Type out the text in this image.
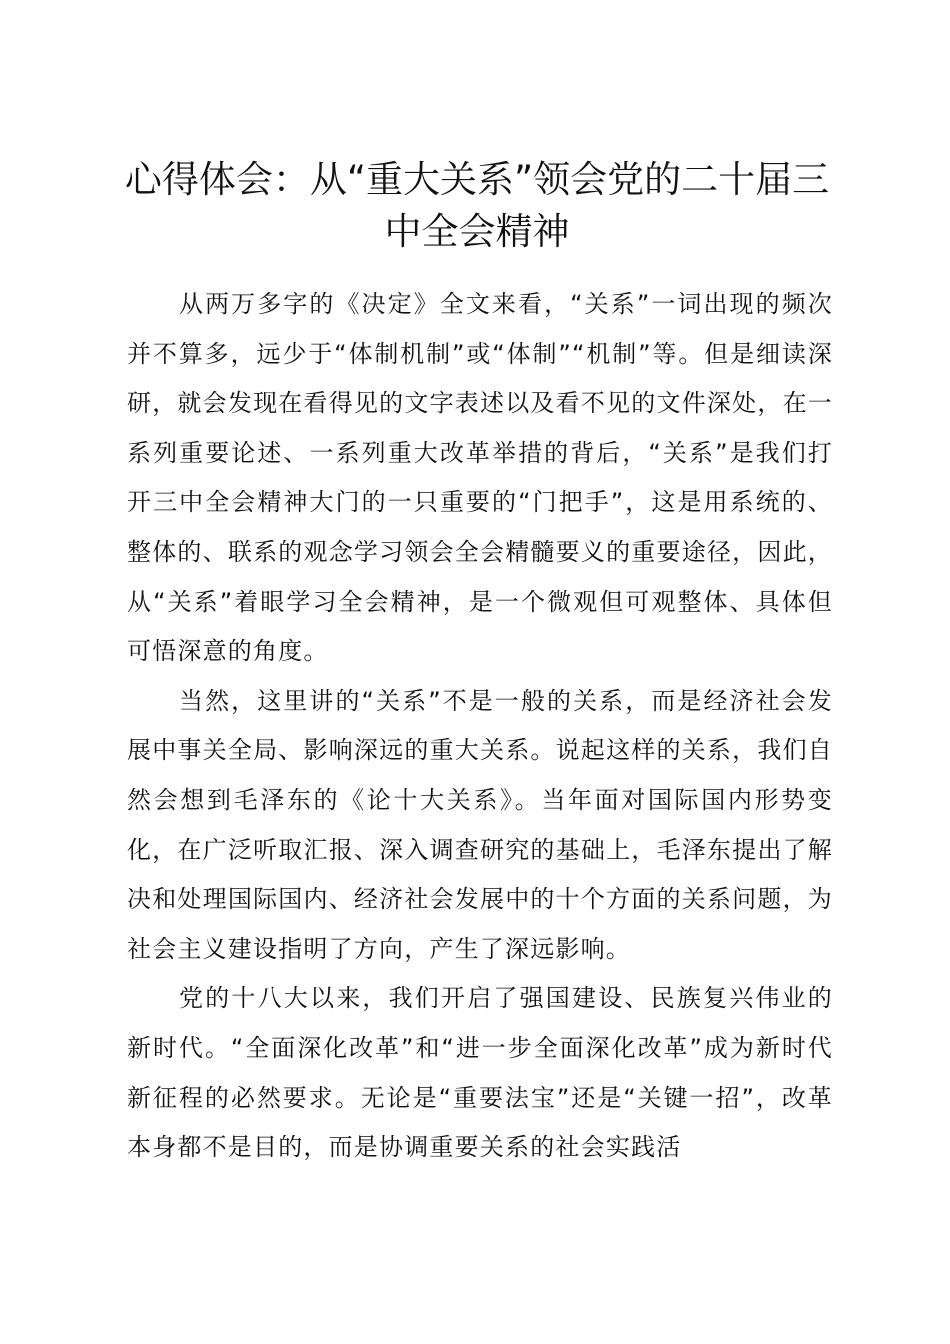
心得体会：从“重大关系”领会党的二十届三
中全会精神

从两万多字的《决定》全文来看，“关系”一词出现的频次并不算多，远少于“体制机制”或“体制”“机制”等。但是细读深研，就会发现在看得见的文字表述以及看不见的文件深处，在一系列重要论述、一系列重大改革举措的背后，“关系”是我们打开三中全会精神大门的一只重要的“门把手”，这是用系统的、整体的、联系的观念学习领会全会精髓要义的重要途径，因此，从“关系”着眼学习全会精神，是一个微观但可观整体、具体但可悟深意的角度。

当然，这里讲的“关系”不是一般的关系，而是经济社会发展中事关全局、影响深远的重大关系。说起这样的关系，我们自然会想到毛泽东的《论十大关系》。当年面对国际国内形势变化，在广泛听取汇报、深入调查研究的基础上，毛泽东提出了解决和处理国际国内、经济社会发展中的十个方面的关系问题，为社会主义建设指明了方向，产生了深远影响。

党的十八大以来，我们开启了强国建设、民族复兴伟业的新时代。“全面深化改革”和“进一步全面深化改革”成为新时代新征程的必然要求。无论是“重要法宝”还是“关键一招”，改革本身都不是目的，而是协调重要关系的社会实践活
